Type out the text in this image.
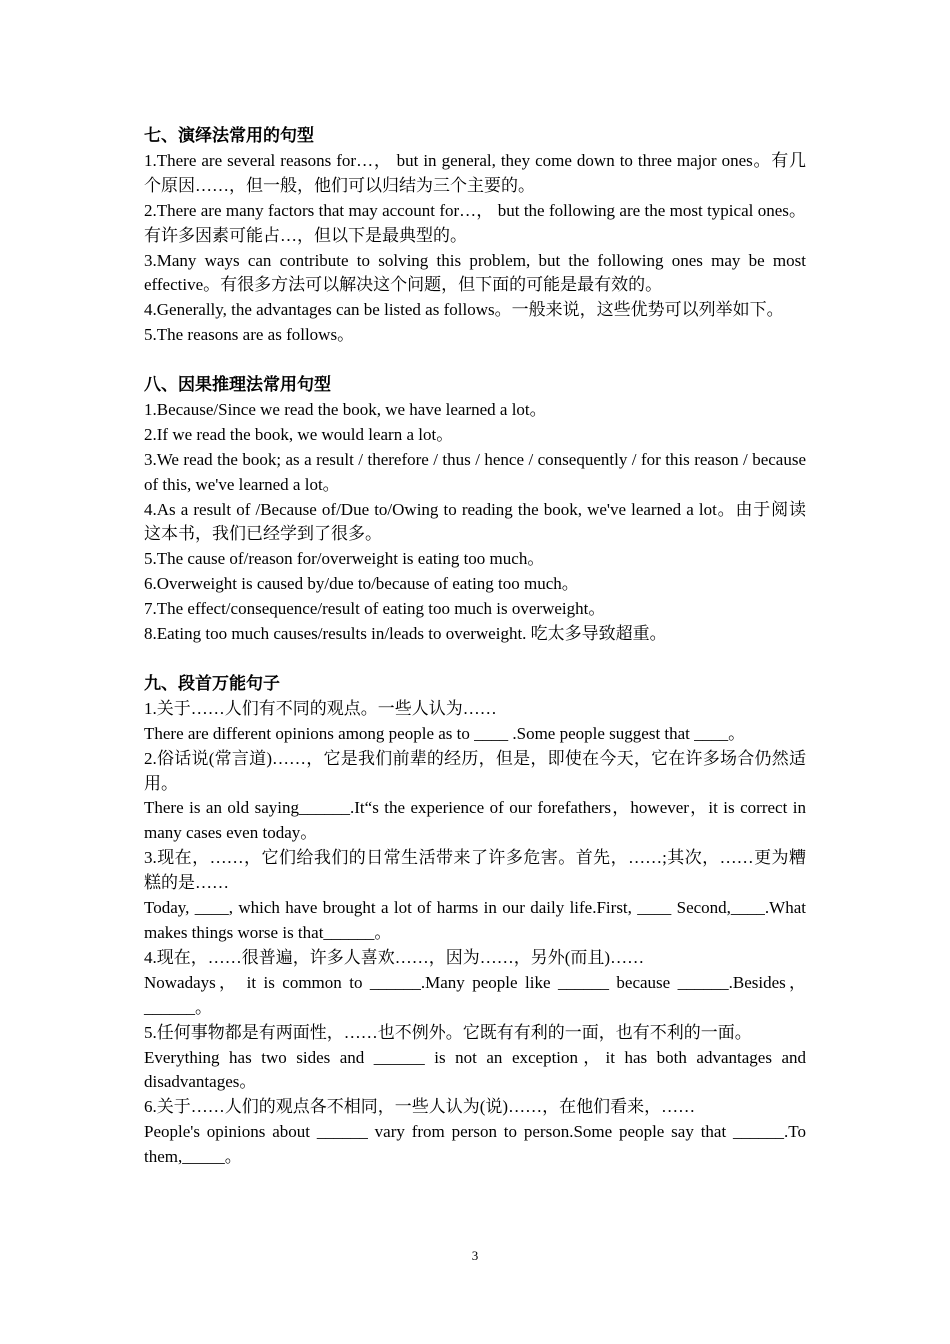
七、演绎法常用的句型

1.There are several reasons for…， but in general, they come down to three major ones。有几个原因……，但一般，他们可以归结为三个主要的。

2.There are many factors that may account for…， but the following are the most typical ones。有许多因素可能占…，但以下是最典型的。

3.Many ways can contribute to solving this problem, but the following ones may be most effective。有很多方法可以解决这个问题，但下面的可能是最有效的。

4.Generally, the advantages can be listed as follows。一般来说，这些优势可以列举如下。

5.The reasons are as follows。

八、因果推理法常用句型

1.Because/Since we read the book, we have learned a lot。

2.If we read the book, we would learn a lot。

3.We read the book; as a result / therefore / thus / hence / consequently / for this reason / because of this, we've learned a lot。

4.As a result of /Because of/Due to/Owing to reading the book, we've learned a lot。由于阅读这本书，我们已经学到了很多。

5.The cause of/reason for/overweight is eating too much。

6.Overweight is caused by/due to/because of eating too much。

7.The effect/consequence/result of eating too much is overweight。

8.Eating too much causes/results in/leads to overweight. 吃太多导致超重。

九、段首万能句子

1.关于……人们有不同的观点。一些人认为……

There are different opinions among people as to ____ .Some people suggest that ____。

2.俗话说(常言道)……，它是我们前辈的经历，但是，即使在今天，它在许多场合仍然适用。

There is an old saying______.It“s the experience of our forefathers，however，it is correct in many cases even today。

3.现在，……，它们给我们的日常生活带来了许多危害。首先，……;其次，……更为糟糕的是……

Today, ____, which have brought a lot of harms in our daily life.First, ____ Second,____.What makes things worse is that______。

4.现在，……很普遍，许多人喜欢……，因为……，另外(而且)……

Nowadays， it is common to ______.Many people like ______ because ______.Besides，______。

5.任何事物都是有两面性，……也不例外。它既有有利的一面，也有不利的一面。

Everything has two sides and ______ is not an exception，it has both advantages and disadvantages。

6.关于……人们的观点各不相同，一些人认为(说)……，在他们看来，……

People's opinions about ______ vary from person to person.Some people say that ______.To them,_____。

3
